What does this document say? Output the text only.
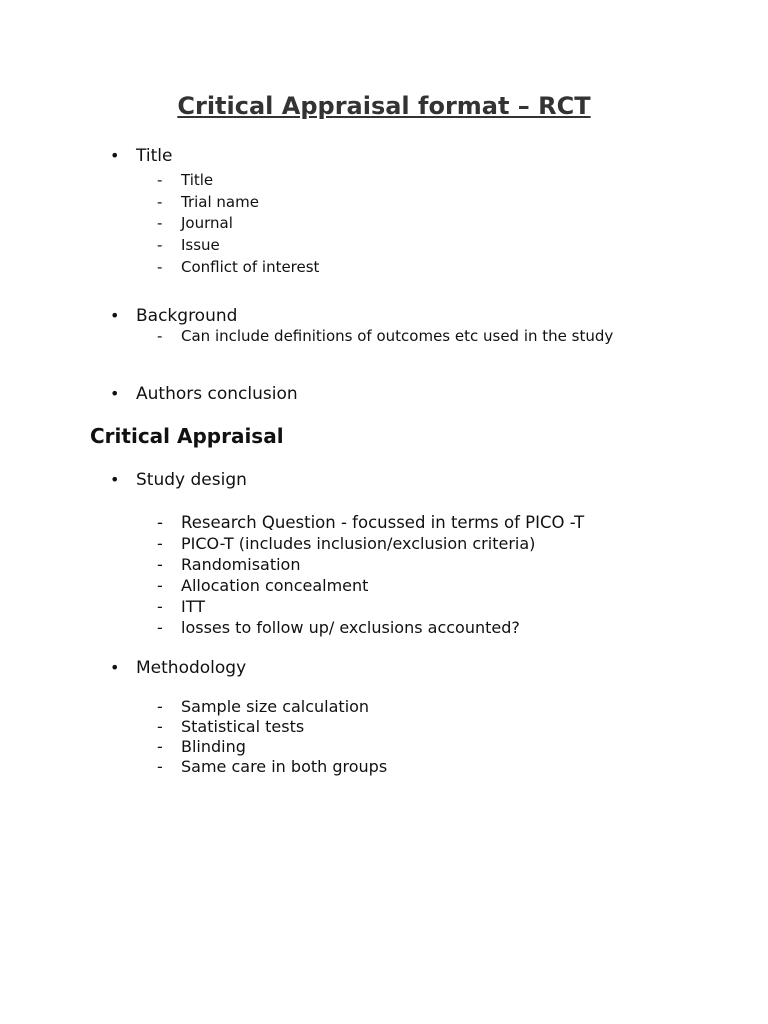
Critical Appraisal format – RCT
• Title
- Title
- Trial name
- Journal
- Issue
- Conflict of interest
• Background
- Can include definitions of outcomes etc used in the study
• Authors conclusion
Critical Appraisal
• Study design
- Research Question - focussed in terms of PICO -T
- PICO-T (includes inclusion/exclusion criteria)
- Randomisation
- Allocation concealment
- ITT
- losses to follow up/ exclusions accounted?
• Methodology
- Sample size calculation
- Statistical tests
- Blinding
- Same care in both groups
